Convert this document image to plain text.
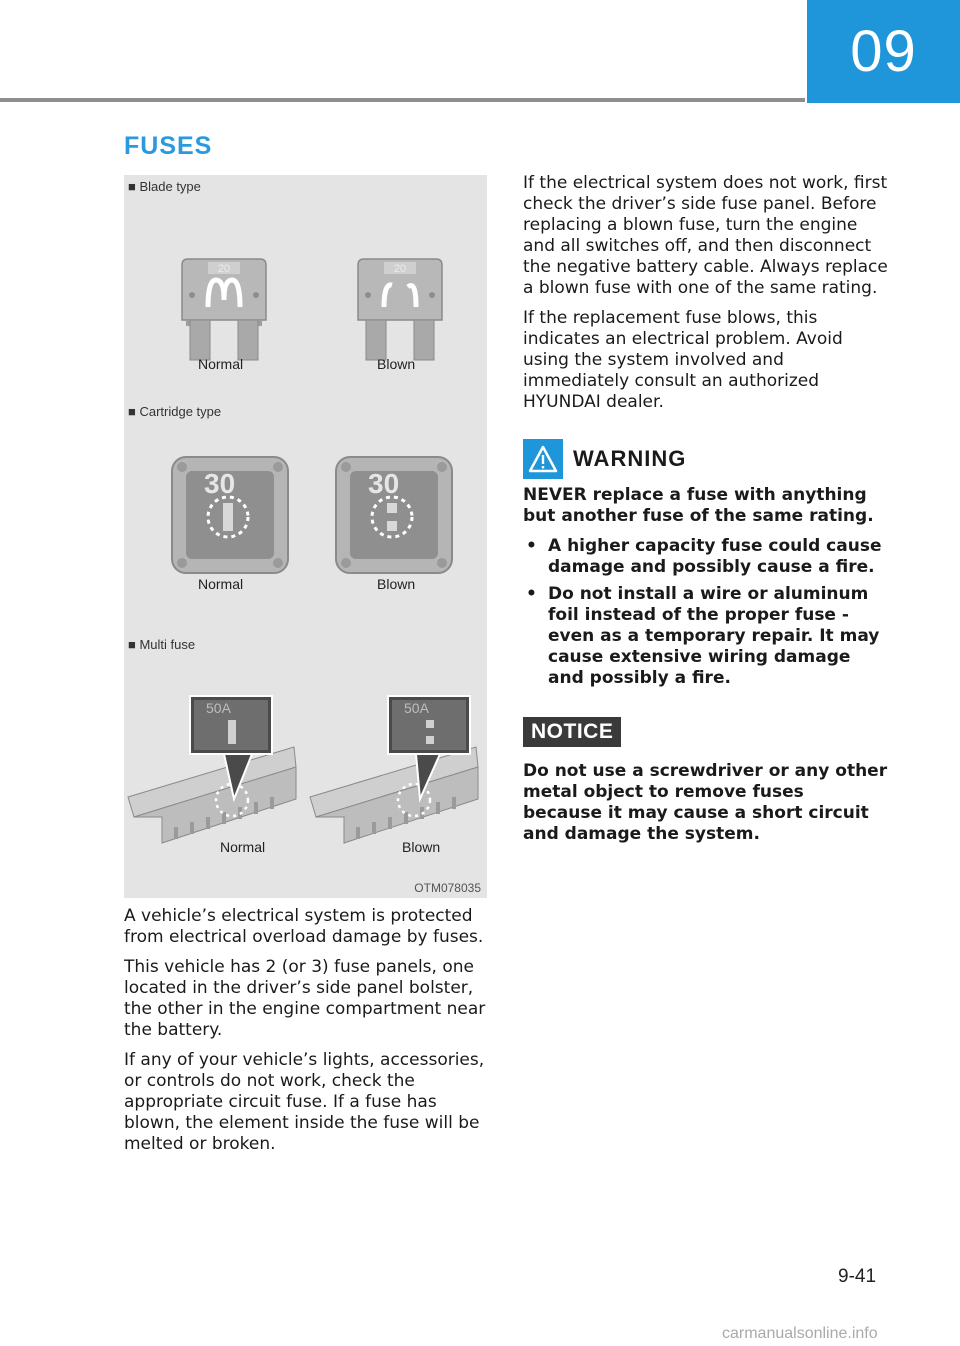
09
FUSES
20	20
30	30
50A	50A
■ Blade type
Normal	Blown
■ Cartridge type
Normal	Blown
■ Multi fuse
Normal	Blown
OTM078035

A vehicle’s electrical system is protected from electrical overload damage by fuses.

This vehicle has 2 (or 3) fuse panels, one located in the driver’s side panel bolster, the other in the engine compartment near the battery.

If any of your vehicle’s lights, accessories, or controls do not work, check the appropriate circuit fuse. If a fuse has blown, the element inside the fuse will be melted or broken.

If the electrical system does not work, first check the driver’s side fuse panel. Before replacing a blown fuse, turn the engine and all switches off, and then disconnect the negative battery cable. Always replace a blown fuse with one of the same rating.

If the replacement fuse blows, this indicates an electrical problem. Avoid using the system involved and immediately consult an authorized HYUNDAI dealer.

WARNING

NEVER replace a fuse with anything but another fuse of the same rating.

• A higher capacity fuse could cause damage and possibly cause a fire.
• Do not install a wire or aluminum foil instead of the proper fuse - even as a temporary repair. It may cause extensive wiring damage and possibly a fire.
NOTICE

Do not use a screwdriver or any other metal object to remove fuses because it may cause a short circuit and damage the system.

9-41
carmanualsonline.info
